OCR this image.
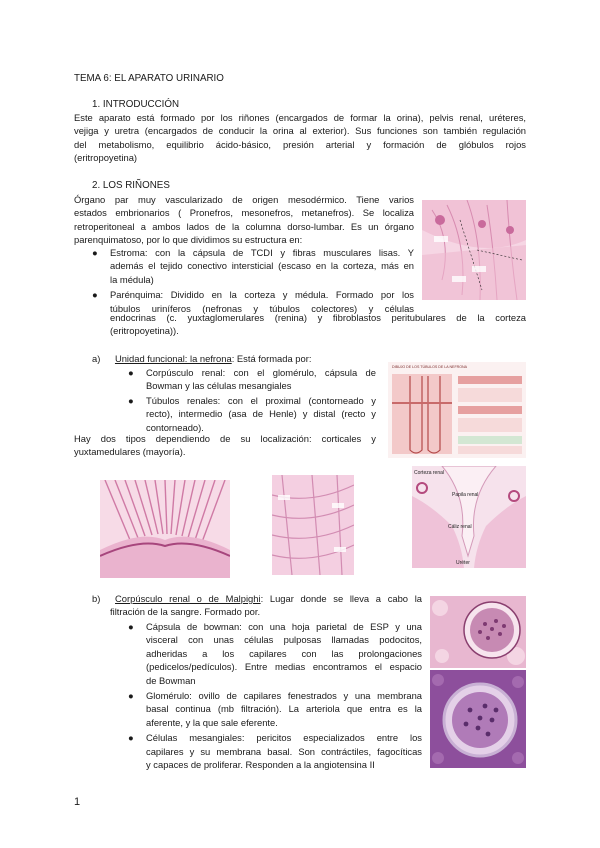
TEMA 6: EL APARATO URINARIO
1. INTRODUCCIÓN
Este aparato está formado por los riñones (encargados de formar la orina), pelvis renal, uréteres,
vejiga y uretra (encargados de conducir la orina al exterior). Sus funciones son también regulación
del metabolismo, equilibrio ácido-básico, presión arterial y formación de glóbulos rojos
(eritropoyetina)
2. LOS RIÑONES
Órgano par muy vascularizado de origen mesodérmico. Tiene varios
estados embrionarios ( Pronefros, mesonefros, metanefros). Se localiza
retroperitoneal a ambos lados de la columna dorso-lumbar. Es un órgano
parenquimatoso, por lo que dividimos su estructura en:
● Estroma: con la cápsula de TCDI y fibras musculares lisas. Y
además el tejido conectivo intersticial (escaso en la corteza, más en
la médula)
● Parénquima: Dividido en la corteza y médula. Formado por los
túbulos uriníferos (nefronas y túbulos colectores) y células
endocrinas (c. yuxtaglomerulares (renina) y fibroblastos peritubulares de la corteza
(eritropoyetina)).
a) Unidad funcional: la nefrona: Está formada por:
● Corpúsculo renal: con el glomérulo, cápsula de
Bowman y las células mesangiales
● Túbulos renales: con el proximal (contorneado y
recto), intermedio (asa de Henle) y distal (recto y
contorneado).
Hay dos tipos dependiendo de su localización: corticales y
yuxtamedulares (mayoría).
DIBUJO DE LOS TÚBULOS DE LA NEFRONA
Corteza renal
Papila renal
Cáliz renal
Uréter
b) Corpúsculo renal o de Malpighi: Lugar donde se lleva a cabo la
filtración de la sangre. Formado por.
● Cápsula de bowman: con una hoja parietal de ESP y una
visceral con unas células pulposas llamadas podocitos,
adheridas a los capilares con las prolongaciones
(pedicelos/pedículos). Entre medias encontramos el espacio
de Bowman
● Glomérulo: ovillo de capilares fenestrados y una membrana
basal continua (mb filtración). La arteriola que entra es la
aferente, y la que sale eferente.
● Células mesangiales: pericitos especializados entre los
capilares y su membrana basal. Son contráctiles, fagocíticas
y capaces de proliferar. Responden a la angiotensina II
1
